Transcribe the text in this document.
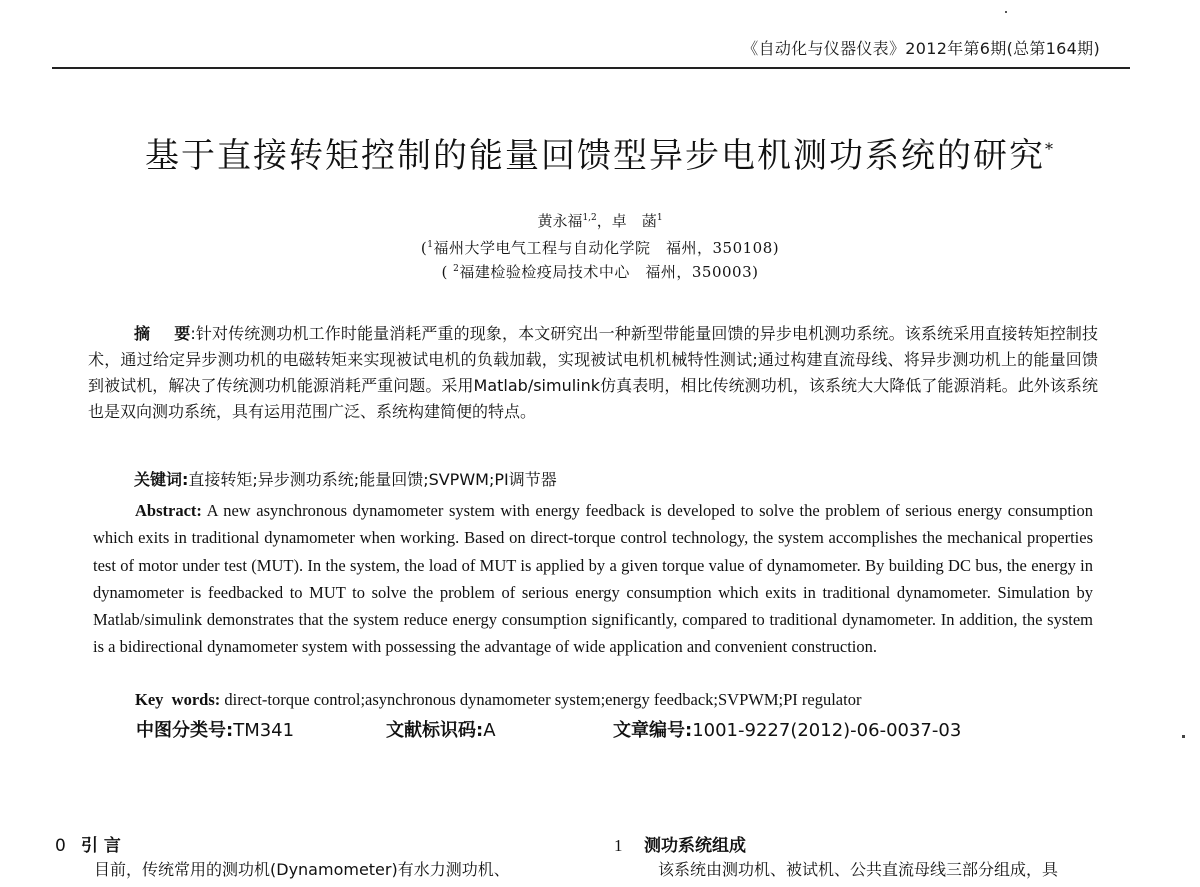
《自动化与仪器仪表》2012年第6期(总第164期)
基于直接转矩控制的能量回馈型异步电机测功系统的研究*
黄永福$^{1,2}$，卓　菡$^1$
($^1$福州大学电气工程与自动化学院　福州，350108)
( $^2$福建检验检疫局技术中心　福州，350003)
摘 要:针对传统测功机工作时能量消耗严重的现象，本文研究出一种新型带能量回馈的异步电机测功系统。该系统采用直接转矩控制技术，通过给定异步测功机的电磁转矩来实现被试电机的负载加载，实现被试电机机械特性测试;通过构建直流母线、将异步测功机上的能量回馈到被试机，解决了传统测功机能源消耗严重问题。采用Matlab/simulink仿真表明，相比传统测功机，该系统大大降低了能源消耗。此外该系统也是双向测功系统，具有运用范围广泛、系统构建简便的特点。
关键词:直接转矩;异步测功系统;能量回馈;SVPWM;PI调节器
Abstract: A new asynchronous dynamometer system with energy feedback is developed to solve the problem of serious energy consumption which exits in traditional dynamometer when working. Based on direct-torque control technology, the system accomplishes the mechanical properties test of motor under test (MUT). In the system, the load of MUT is applied by a given torque value of dynamometer. By building DC bus, the energy in dynamometer is feedbacked to MUT to solve the problem of serious energy consumption which exits in traditional dynamometer. Simulation by Matlab/simulink demonstrates that the system reduce energy consumption significantly, compared to traditional dynamometer. In addition, the system is a bidirectional dynamometer system with possessing the advantage of wide application and convenient construction.
Key  words: direct-torque control;asynchronous dynamometer system;energy feedback;SVPWM;PI regulator
中图分类号:TM341	文献标识码:A	文章编号:1001-9227(2012)-06-0037-03
0 引 言
目前，传统常用的测功机(Dynamometer)有水力测功机、
1 测功系统组成
该系统由测功机、被试机、公共直流母线三部分组成，具
